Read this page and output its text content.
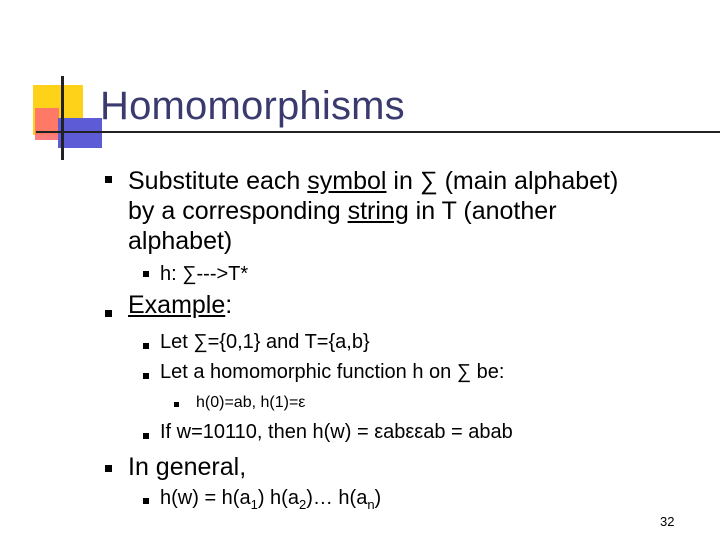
Homomorphisms
Substitute each symbol in ∑ (main alphabet)
by a corresponding string in T (another
alphabet)
h: ∑--->T*
Example:
Let ∑={0,1} and T={a,b}
Let a homomorphic function h on ∑ be:
h(0)=ab, h(1)=ε
If w=10110, then h(w) = εabεεab = abab
In general,
$h(w) = h(a_1)$ $h(a_2)\dots$ $h(a_n)$
32
